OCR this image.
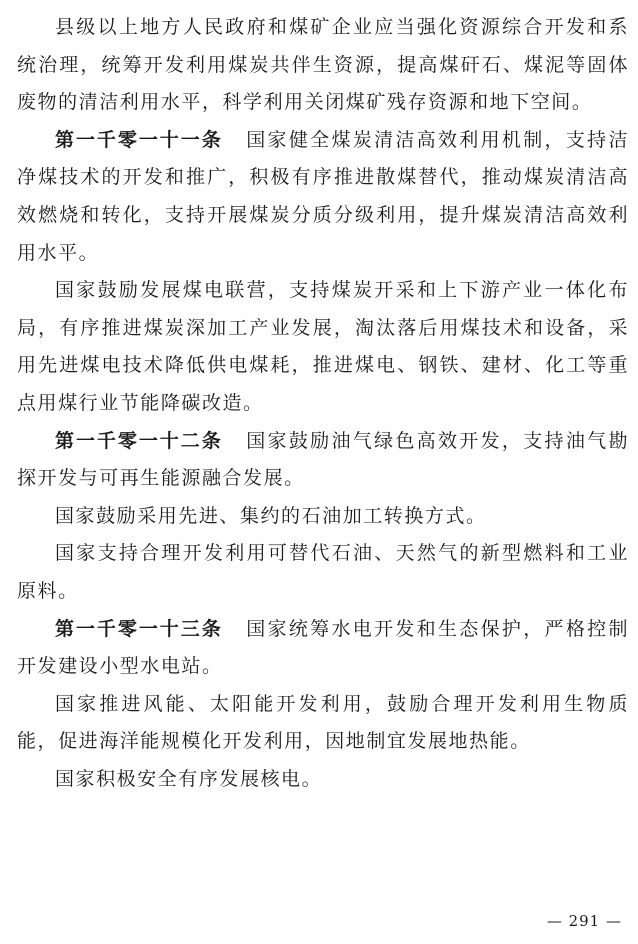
县级以上地方人民政府和煤矿企业应当强化资源综合开发和系统治理，统筹开发利用煤炭共伴生资源，提高煤矸石、煤泥等固体废物的清洁利用水平，科学利用关闭煤矿残存资源和地下空间。

第一千零一十一条 国家健全煤炭清洁高效利用机制，支持洁净煤技术的开发和推广，积极有序推进散煤替代，推动煤炭清洁高效燃烧和转化，支持开展煤炭分质分级利用，提升煤炭清洁高效利用水平。

国家鼓励发展煤电联营，支持煤炭开采和上下游产业一体化布局，有序推进煤炭深加工产业发展，淘汰落后用煤技术和设备，采用先进煤电技术降低供电煤耗，推进煤电、钢铁、建材、化工等重点用煤行业节能降碳改造。

第一千零一十二条 国家鼓励油气绿色高效开发，支持油气勘探开发与可再生能源融合发展。

国家鼓励采用先进、集约的石油加工转换方式。

国家支持合理开发利用可替代石油、天然气的新型燃料和工业原料。

第一千零一十三条 国家统筹水电开发和生态保护，严格控制开发建设小型水电站。

国家推进风能、太阳能开发利用，鼓励合理开发利用生物质能，促进海洋能规模化开发利用，因地制宜发展地热能。

国家积极安全有序发展核电。

— 291 —
